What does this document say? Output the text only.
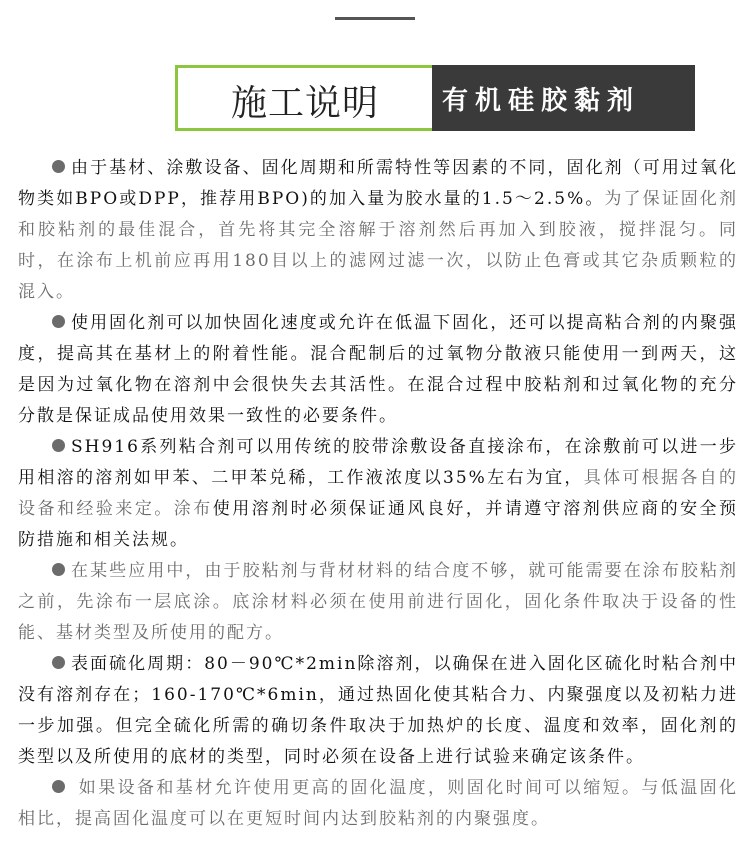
施工说明 有机硅胶黏剂

由于基材、涂敷设备、固化周期和所需特性等因素的不同，固化剂（可用过氧化物类如BPO或DPP，推荐用BPO)的加入量为胶水量的1.5～2.5%。为了保证固化剂和胶粘剂的最佳混合，首先将其完全溶解于溶剂然后再加入到胶液，搅拌混匀。同时，在涂布上机前应再用180目以上的滤网过滤一次，以防止色膏或其它杂质颗粒的混入。

使用固化剂可以加快固化速度或允许在低温下固化，还可以提高粘合剂的内聚强度，提高其在基材上的附着性能。混合配制后的过氧物分散液只能使用一到两天，这是因为过氧化物在溶剂中会很快失去其活性。在混合过程中胶粘剂和过氧化物的充分分散是保证成品使用效果一致性的必要条件。

SH916系列粘合剂可以用传统的胶带涂敷设备直接涂布，在涂敷前可以进一步用相溶的溶剂如甲苯、二甲苯兑稀，工作液浓度以35%左右为宜，具体可根据各自的设备和经验来定。涂布使用溶剂时必须保证通风良好，并请遵守溶剂供应商的安全预防措施和相关法规。

在某些应用中，由于胶粘剂与背材材料的结合度不够，就可能需要在涂布胶粘剂之前，先涂布一层底涂。底涂材料必须在使用前进行固化，固化条件取决于设备的性能、基材类型及所使用的配方。

表面硫化周期：80－90℃*2min除溶剂，以确保在进入固化区硫化时粘合剂中没有溶剂存在；160-170℃*6min，通过热固化使其粘合力、内聚强度以及初粘力进一步加强。但完全硫化所需的确切条件取决于加热炉的长度、温度和效率，固化剂的类型以及所使用的底材的类型，同时必须在设备上进行试验来确定该条件。

如果设备和基材允许使用更高的固化温度，则固化时间可以缩短。与低温固化相比，提高固化温度可以在更短时间内达到胶粘剂的内聚强度。
